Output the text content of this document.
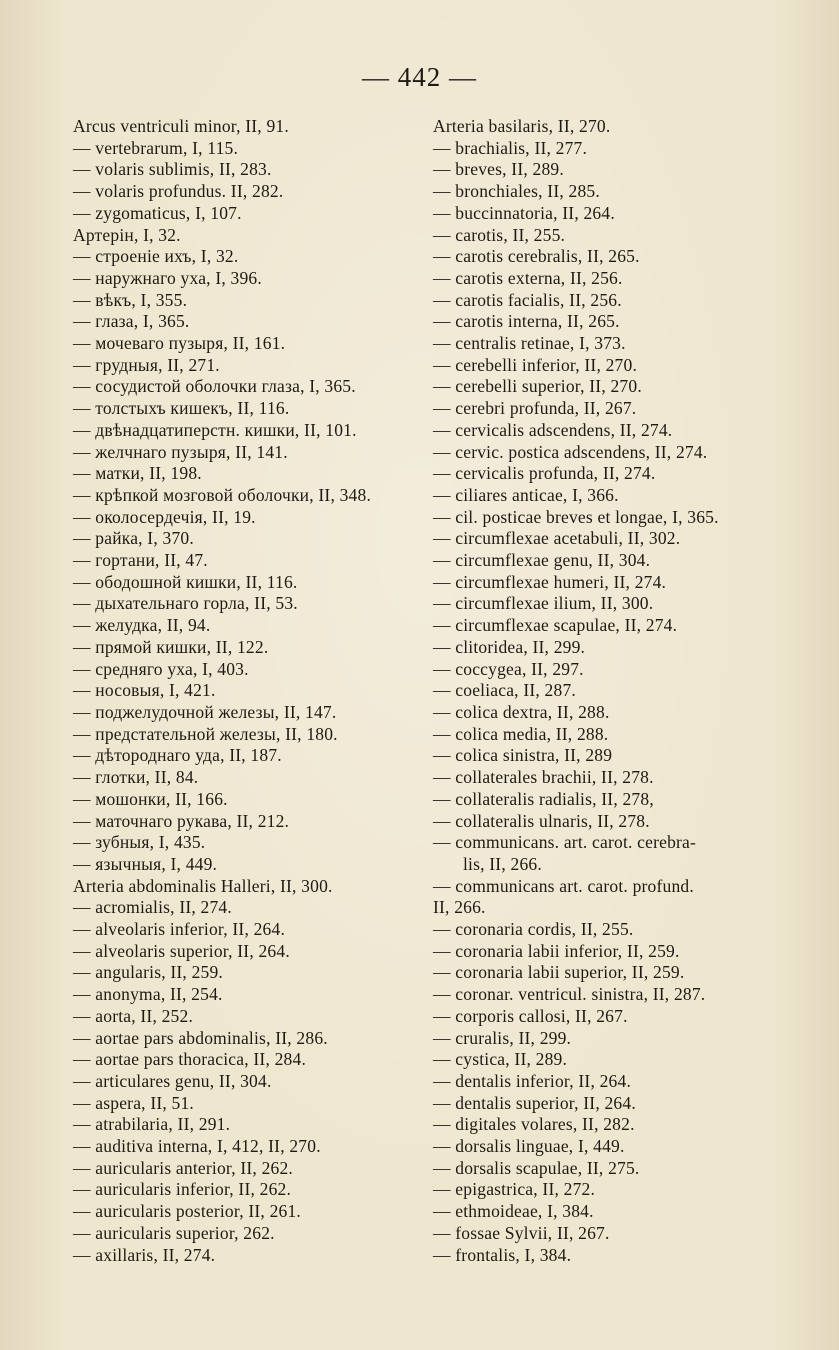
— 442 —
Arcus ventriculi minor, II, 91.
— vertebrarum, I, 115.
— volaris sublimis, II, 283.
— volaris profundus. II, 282.
— zygomaticus, I, 107.
Артерін, I, 32.
— строеніе ихъ, I, 32.
— наружнаго уха, I, 396.
— вѣкъ, I, 355.
— глаза, I, 365.
— мочеваго пузыря, II, 161.
— грудныя, II, 271.
— сосудистой оболочки глаза, I, 365.
— толстыхъ кишекъ, II, 116.
— двѣнадцатиперстн. кишки, II, 101.
— желчнаго пузыря, II, 141.
— матки, II, 198.
— крѣпкой мозговой оболочки, II, 348.
— околосердечія, II, 19.
— райка, I, 370.
— гортани, II, 47.
— ободошной кишки, II, 116.
— дыхательнаго горла, II, 53.
— желудка, II, 94.
— прямой кишки, II, 122.
— средняго уха, I, 403.
— носовыя, I, 421.
— поджелудочной железы, II, 147.
— предстательной железы, II, 180.
— дѣтороднаго уда, II, 187.
— глотки, II, 84.
— мошонки, II, 166.
— маточнаго рукава, II, 212.
— зубныя, I, 435.
— язычныя, I, 449.
Arteria abdominalis Halleri, II, 300.
— acromialis, II, 274.
— alveolaris inferior, II, 264.
— alveolaris superior, II, 264.
— angularis, II, 259.
— anonyma, II, 254.
— aorta, II, 252.
— aortae pars abdominalis, II, 286.
— aortae pars thoracica, II, 284.
— articulares genu, II, 304.
— aspera, II, 51.
— atrabilaria, II, 291.
— auditiva interna, I, 412, II, 270.
— auricularis anterior, II, 262.
— auricularis inferior, II, 262.
— auricularis posterior, II, 261.
— auricularis superior, 262.
— axillaris, II, 274.
Arteria basilaris, II, 270.
— brachialis, II, 277.
— breves, II, 289.
— bronchiales, II, 285.
— buccinnatoria, II, 264.
— carotis, II, 255.
— carotis cerebralis, II, 265.
— carotis externa, II, 256.
— carotis facialis, II, 256.
— carotis interna, II, 265.
— centralis retinae, I, 373.
— cerebelli inferior, II, 270.
— cerebelli superior, II, 270.
— cerebri profunda, II, 267.
— cervicalis adscendens, II, 274.
— cervic. postica adscendens, II, 274.
— cervicalis profunda, II, 274.
— ciliares anticae, I, 366.
— cil. posticae breves et longae, I, 365.
— circumflexae acetabuli, II, 302.
— circumflexae genu, II, 304.
— circumflexae humeri, II, 274.
— circumflexae ilium, II, 300.
— circumflexae scapulae, II, 274.
— clitoridea, II, 299.
— coccygea, II, 297.
— coeliaca, II, 287.
— colica dextra, II, 288.
— colica media, II, 288.
— colica sinistra, II, 289
— collaterales brachii, II, 278.
— collateralis radialis, II, 278,
— collateralis ulnaris, II, 278.
— communicans. art. carot. cerebra-
lis, II, 266.
— communicans art. carot. profund.
II, 266.
— coronaria cordis, II, 255.
— coronaria labii inferior, II, 259.
— coronaria labii superior, II, 259.
— coronar. ventricul. sinistra, II, 287.
— corporis callosi, II, 267.
— cruralis, II, 299.
— cystica, II, 289.
— dentalis inferior, II, 264.
— dentalis superior, II, 264.
— digitales volares, II, 282.
— dorsalis linguae, I, 449.
— dorsalis scapulae, II, 275.
— epigastrica, II, 272.
— ethmoideae, I, 384.
— fossae Sylvii, II, 267.
— frontalis, I, 384.
